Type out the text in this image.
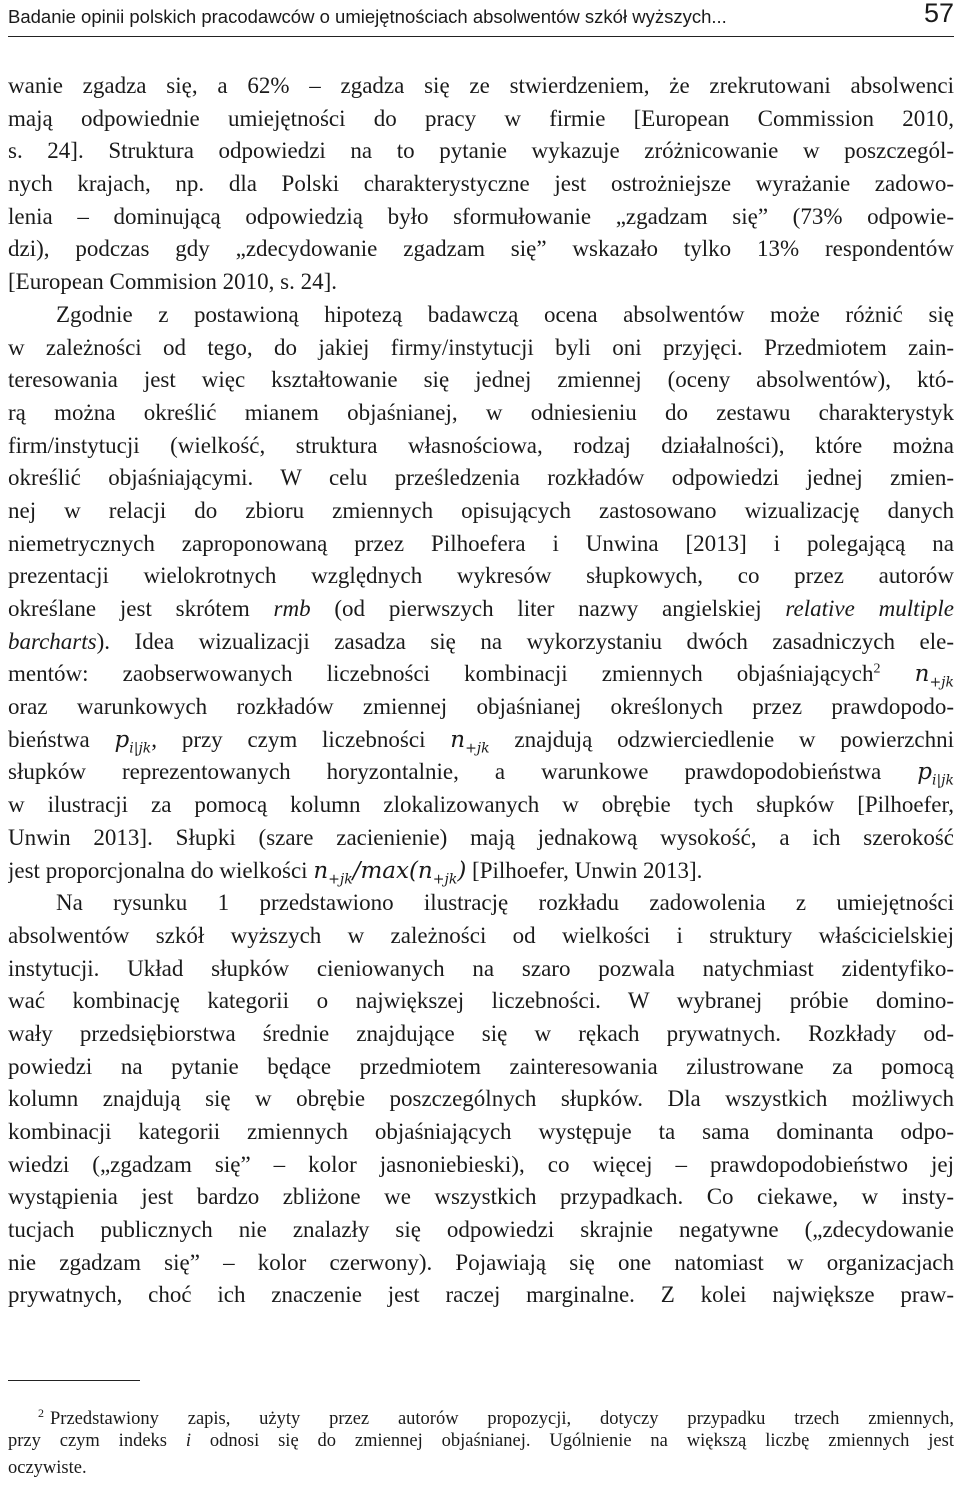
Badanie opinii polskich pracodawców o umiejętnościach absolwentów szkół wyższych...	57
wanie zgadza się, a 62% – zgadza się ze stwierdzeniem, że zrekrutowani absolwenci
mają odpowiednie umiejętności do pracy w firmie [European Commission 2010,
s. 24]. Struktura odpowiedzi na to pytanie wykazuje zróżnicowanie w poszczegól-
nych krajach, np. dla Polski charakterystyczne jest ostrożniejsze wyrażanie zadowo-
lenia – dominującą odpowiedzią było sformułowanie „zgadzam się” (73% odpowie-
dzi), podczas gdy „zdecydowanie zgadzam się” wskazało tylko 13% respondentów
[European Commision 2010, s. 24].
Zgodnie z postawioną hipotezą badawczą ocena absolwentów może różnić się
w zależności od tego, do jakiej firmy/instytucji byli oni przyjęci. Przedmiotem zain-
teresowania jest więc kształtowanie się jednej zmiennej (oceny absolwentów), któ-
rą można określić mianem objaśnianej, w odniesieniu do zestawu charakterystyk
firm/instytucji (wielkość, struktura własnościowa, rodzaj działalności), które można
określić objaśniającymi. W celu prześledzenia rozkładów odpowiedzi jednej zmien-
nej w relacji do zbioru zmiennych opisujących zastosowano wizualizację danych
niemetrycznych zaproponowaną przez Pilhoefera i Unwina [2013] i polegającą na
prezentacji wielokrotnych względnych wykresów słupkowych, co przez autorów
określane jest skrótem rmb (od pierwszych liter nazwy angielskiej relative multiple
barcharts). Idea wizualizacji zasadza się na wykorzystaniu dwóch zasadniczych ele-
mentów: zaobserwowanych liczebności kombinacji zmiennych objaśniających$^2$ $n_{+jk}$
oraz warunkowych rozkładów zmiennej objaśnianej określonych przez prawdopodo-
bieństwa $p_{i|jk}$, przy czym liczebności $n_{+jk}$ znajdują odzwierciedlenie w powierzchni
słupków reprezentowanych horyzontalnie, a warunkowe prawdopodobieństwa $p_{i|jk}$
w ilustracji za pomocą kolumn zlokalizowanych w obrębie tych słupków [Pilhoefer,
Unwin 2013]. Słupki (szare zacienienie) mają jednakową wysokość, a ich szerokość
jest proporcjonalna do wielkości $n_{+jk}/\max(n_{+jk})$ [Pilhoefer, Unwin 2013].
Na rysunku 1 przedstawiono ilustrację rozkładu zadowolenia z umiejętności
absolwentów szkół wyższych w zależności od wielkości i struktury właścicielskiej
instytucji. Układ słupków cieniowanych na szaro pozwala natychmiast zidentyfiko-
wać kombinację kategorii o największej liczebności. W wybranej próbie domino-
wały przedsiębiorstwa średnie znajdujące się w rękach prywatnych. Rozkłady od-
powiedzi na pytanie będące przedmiotem zainteresowania zilustrowane za pomocą
kolumn znajdują się w obrębie poszczególnych słupków. Dla wszystkich możliwych
kombinacji kategorii zmiennych objaśniających występuje ta sama dominanta odpo-
wiedzi („zgadzam się” – kolor jasnoniebieski), co więcej – prawdopodobieństwo jej
wystąpienia jest bardzo zbliżone we wszystkich przypadkach. Co ciekawe, w insty-
tucjach publicznych nie znalazły się odpowiedzi skrajnie negatywne („zdecydowanie
nie zgadzam się” – kolor czerwony). Pojawiają się one natomiast w organizacjach
prywatnych, choć ich znaczenie jest raczej marginalne. Z kolei największe praw-
$^2$ Przedstawiony zapis, użyty przez autorów propozycji, dotyczy przypadku trzech zmiennych,
przy czym indeks i odnosi się do zmiennej objaśnianej. Ugólnienie na większą liczbę zmiennych jest
oczywiste.
